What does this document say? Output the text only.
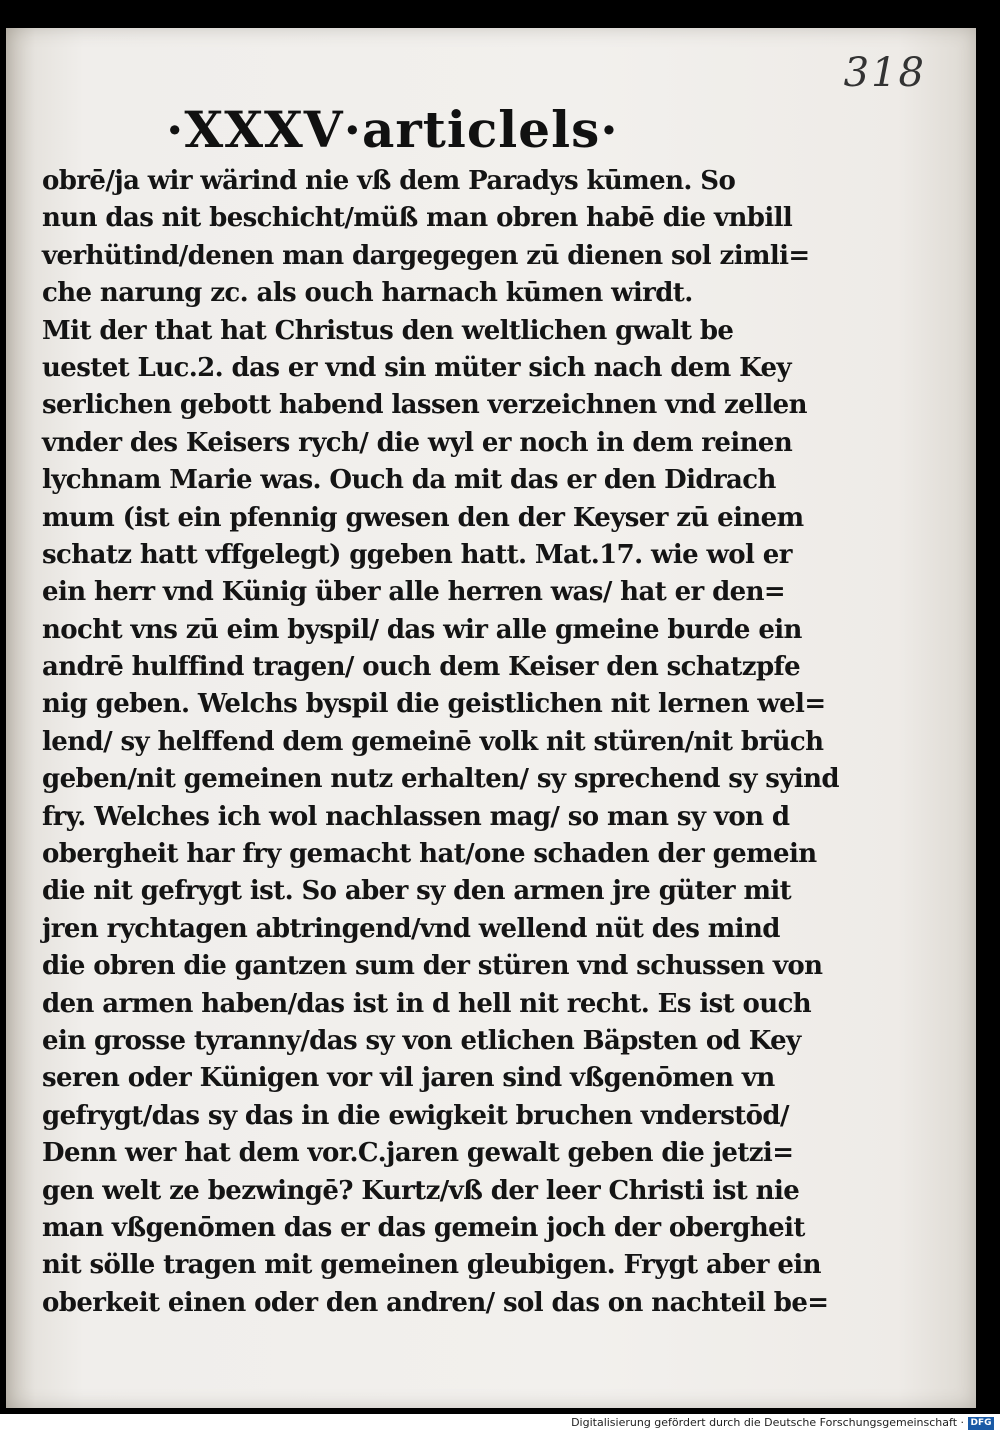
318
·XXXV·articlels·
obrē/ja wir wärind nie vß dem Paradys kūmen. So
nun das nit beschicht/müß man obren habē die vnbill
verhütind/denen man dargegegen zū dienen sol zimli=
che narung zc. als ouch harnach kūmen wirdt.
Mit der that hat Christus den weltlichen gwalt be
uestet Luc.2. das er vnd sin müter sich nach dem Key
serlichen gebott habend lassen verzeichnen vnd zellen
vnder des Keisers rych/ die wyl er noch in dem reinen
lychnam Marie was. Ouch da mit das er den Didrach
mum (ist ein pfennig gwesen den der Keyser zū einem
schatz hatt vffgelegt) ggeben hatt. Mat.17. wie wol er
ein herr vnd Künig über alle herren was/ hat er den=
nocht vns zū eim byspil/ das wir alle gmeine burde ein
andrē hulffind tragen/ ouch dem Keiser den schatzpfe
nig geben. Welchs byspil die geistlichen nit lernen wel=
lend/ sy helffend dem gemeinē volk nit stüren/nit brüch
geben/nit gemeinen nutz erhalten/ sy sprechend sy syind
fry. Welches ich wol nachlassen mag/ so man sy von d
obergheit har fry gemacht hat/one schaden der gemein
die nit gefrygt ist. So aber sy den armen jre güter mit
jren rychtagen abtringend/vnd wellend nüt des mind
die obren die gantzen sum der stüren vnd schussen von
den armen haben/das ist in d hell nit recht. Es ist ouch
ein grosse tyranny/das sy von etlichen Bäpsten od Key
seren oder Künigen vor vil jaren sind vßgenōmen vn
gefrygt/das sy das in die ewigkeit bruchen vnderstōd/
Denn wer hat dem vor.C.jaren gewalt geben die jetzi=
gen welt ze bezwingē? Kurtz/vß der leer Christi ist nie
man vßgenōmen das er das gemein joch der obergheit
nit sölle tragen mit gemeinen gleubigen. Frygt aber ein
oberkeit einen oder den andren/ sol das on nachteil be=
Digitalisierung gefördert durch die Deutsche Forschungsgemeinschaft · DFG
